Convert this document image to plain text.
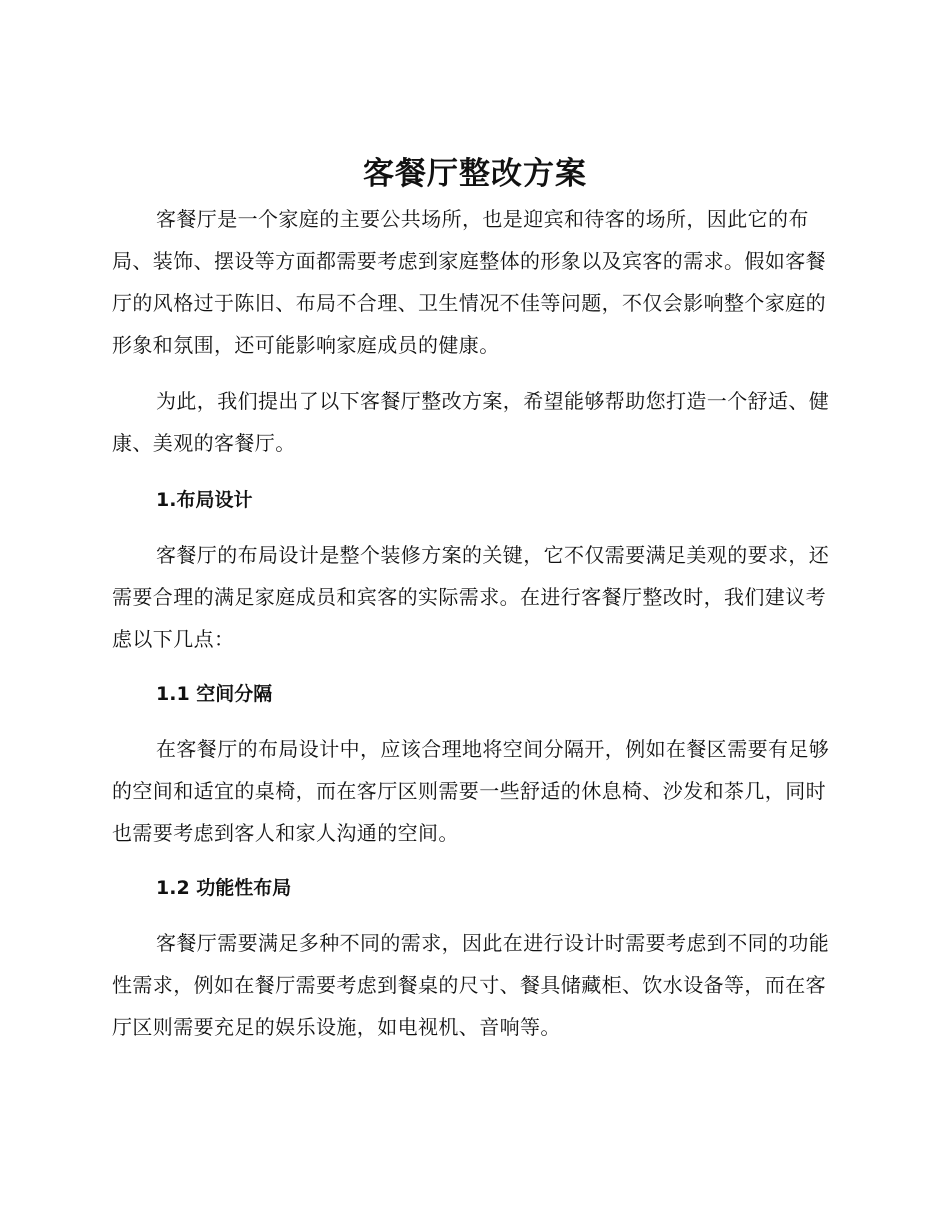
客餐厅整改方案

客餐厅是一个家庭的主要公共场所，也是迎宾和待客的场所，因此它的布局、装饰、摆设等方面都需要考虑到家庭整体的形象以及宾客的需求。假如客餐厅的风格过于陈旧、布局不合理、卫生情况不佳等问题，不仅会影响整个家庭的形象和氛围，还可能影响家庭成员的健康。

为此，我们提出了以下客餐厅整改方案，希望能够帮助您打造一个舒适、健康、美观的客餐厅。

1.布局设计

客餐厅的布局设计是整个装修方案的关键，它不仅需要满足美观的要求，还需要合理的满足家庭成员和宾客的实际需求。在进行客餐厅整改时，我们建议考虑以下几点：

1.1 空间分隔

在客餐厅的布局设计中，应该合理地将空间分隔开，例如在餐区需要有足够的空间和适宜的桌椅，而在客厅区则需要一些舒适的休息椅、沙发和茶几，同时也需要考虑到客人和家人沟通的空间。

1.2 功能性布局

客餐厅需要满足多种不同的需求，因此在进行设计时需要考虑到不同的功能性需求，例如在餐厅需要考虑到餐桌的尺寸、餐具储藏柜、饮水设备等，而在客厅区则需要充足的娱乐设施，如电视机、音响等。
